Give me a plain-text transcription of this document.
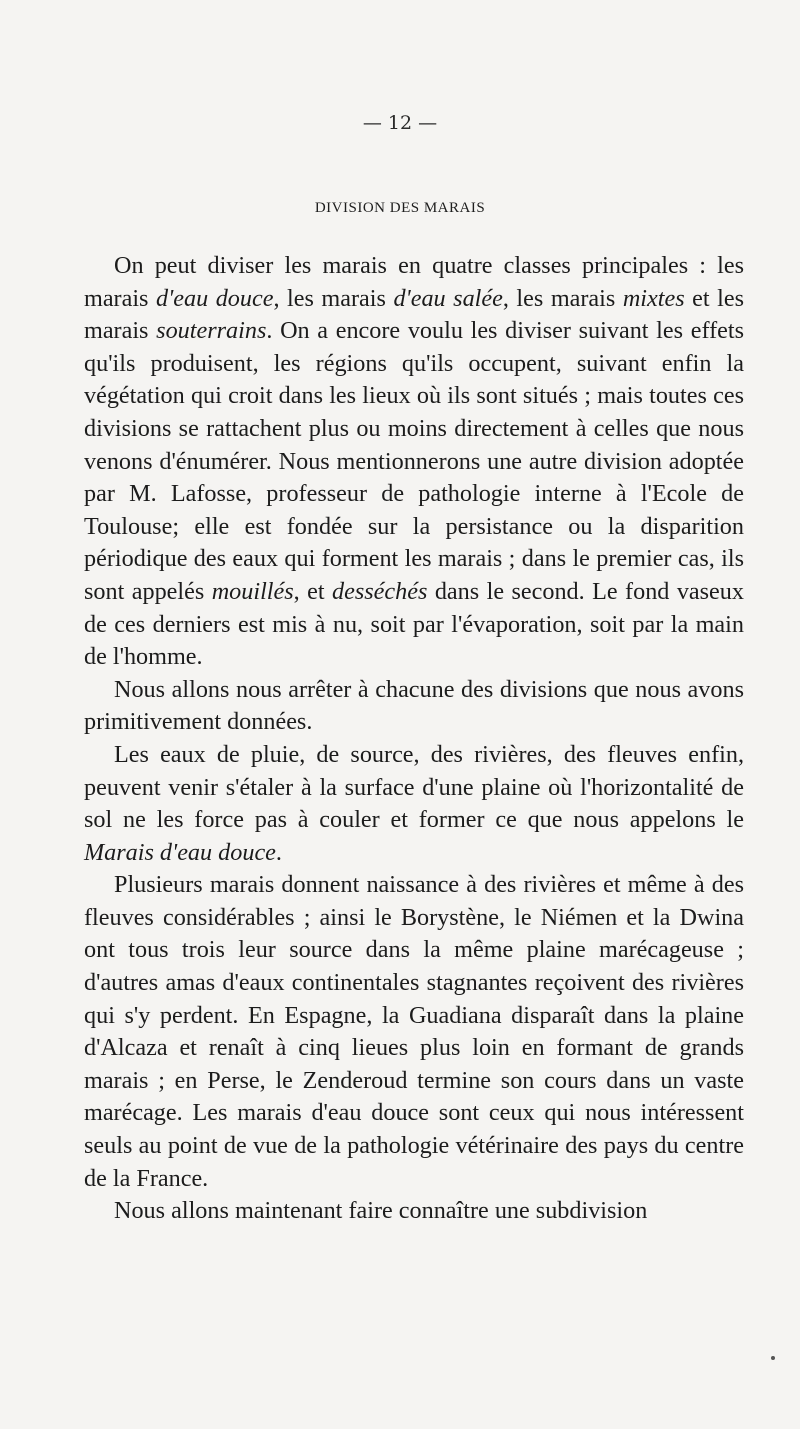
— 12 —
DIVISION DES MARAIS

On peut diviser les marais en quatre classes principales : les marais d'eau douce, les marais d'eau salée, les marais mixtes et les marais souterrains. On a encore voulu les diviser suivant les effets qu'ils produisent, les régions qu'ils occupent, suivant enfin la végétation qui croit dans les lieux où ils sont situés ; mais toutes ces divisions se rattachent plus ou moins directement à celles que nous venons d'énumérer. Nous mentionnerons une autre division adoptée par M. Lafosse, professeur de pathologie interne à l'Ecole de Toulouse; elle est fondée sur la persistance ou la disparition périodique des eaux qui forment les marais ; dans le premier cas, ils sont appelés mouillés, et desséchés dans le second. Le fond vaseux de ces derniers est mis à nu, soit par l'évaporation, soit par la main de l'homme.

Nous allons nous arrêter à chacune des divisions que nous avons primitivement données.

Les eaux de pluie, de source, des rivières, des fleuves enfin, peuvent venir s'étaler à la surface d'une plaine où l'horizontalité de sol ne les force pas à couler et former ce que nous appelons le Marais d'eau douce.

Plusieurs marais donnent naissance à des rivières et même à des fleuves considérables ; ainsi le Borystène, le Niémen et la Dwina ont tous trois leur source dans la même plaine marécageuse ; d'autres amas d'eaux continentales stagnantes reçoivent des rivières qui s'y perdent. En Espagne, la Guadiana disparaît dans la plaine d'Alcaza et renaît à cinq lieues plus loin en formant de grands marais ; en Perse, le Zenderoud termine son cours dans un vaste marécage. Les marais d'eau douce sont ceux qui nous intéressent seuls au point de vue de la pathologie vétérinaire des pays du centre de la France.

Nous allons maintenant faire connaître une subdivision
